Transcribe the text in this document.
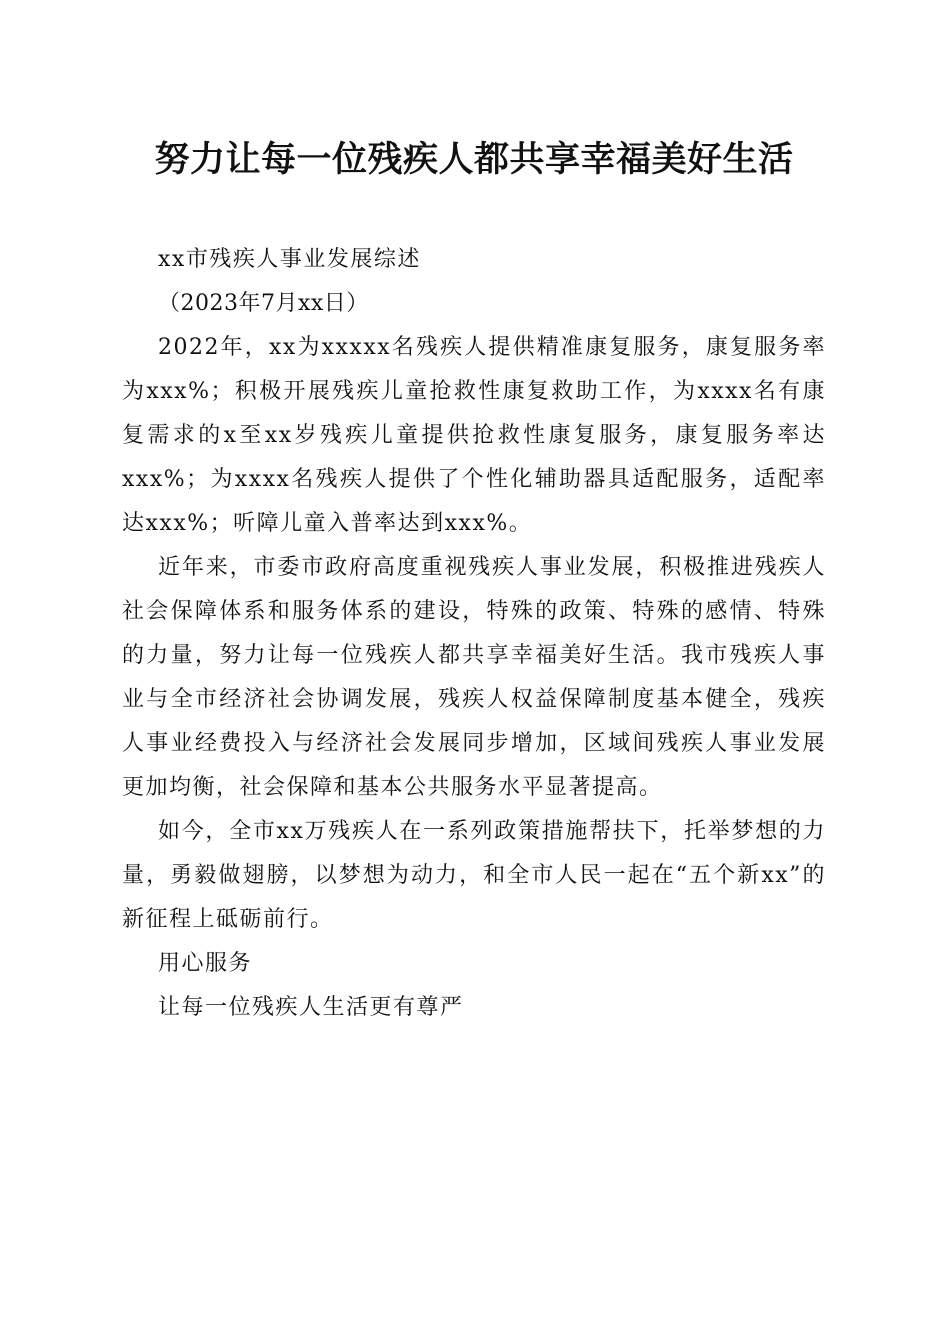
努力让每一位残疾人都共享幸福美好生活

xx市残疾人事业发展综述

（2023年7月xx日）

2022年，xx为xxxxx名残疾人提供精准康复服务，康复服务率为xxx%；积极开展残疾儿童抢救性康复救助工作，为xxxx名有康复需求的x至xx岁残疾儿童提供抢救性康复服务，康复服务率达xxx%；为xxxx名残疾人提供了个性化辅助器具适配服务，适配率达xxx%；听障儿童入普率达到xxx%。

近年来，市委市政府高度重视残疾人事业发展，积极推进残疾人社会保障体系和服务体系的建设，特殊的政策、特殊的感情、特殊的力量，努力让每一位残疾人都共享幸福美好生活。我市残疾人事业与全市经济社会协调发展，残疾人权益保障制度基本健全，残疾人事业经费投入与经济社会发展同步增加，区域间残疾人事业发展更加均衡，社会保障和基本公共服务水平显著提高。

如今，全市xx万残疾人在一系列政策措施帮扶下，托举梦想的力量，勇毅做翅膀，以梦想为动力，和全市人民一起在“五个新xx”的新征程上砥砺前行。

用心服务

让每一位残疾人生活更有尊严
